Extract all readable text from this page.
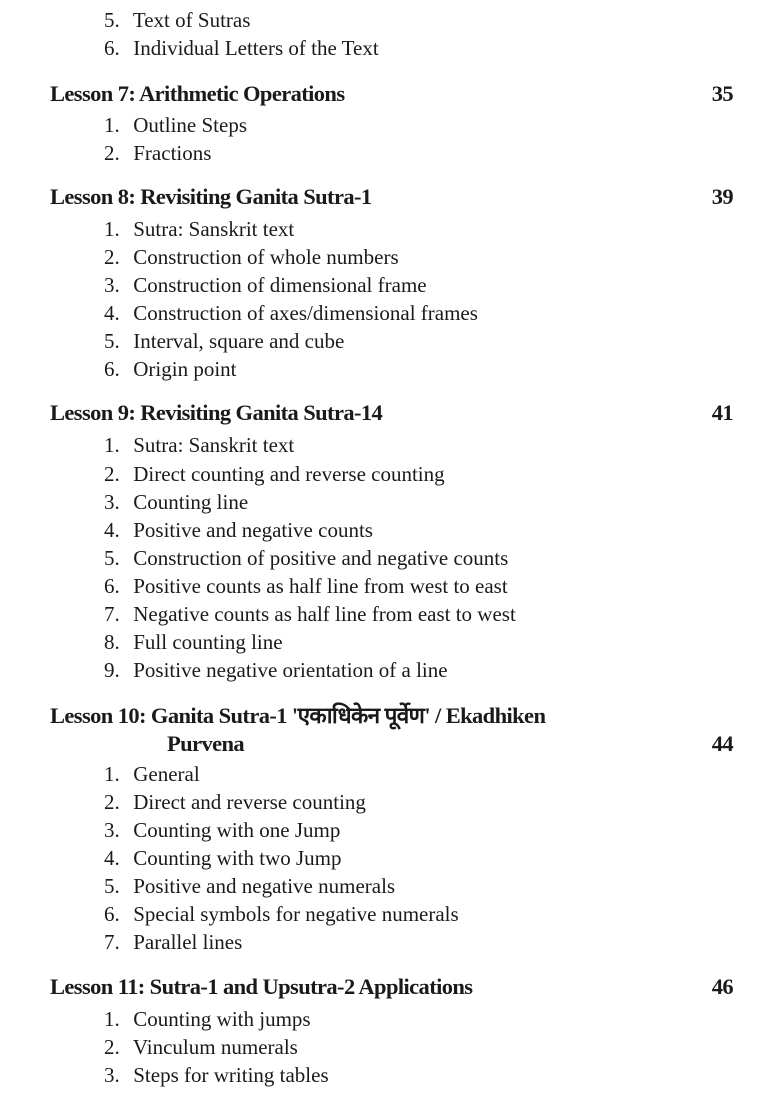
5. Text of Sutras
6. Individual Letters of the Text
Lesson 7: Arithmetic Operations	35
1. Outline Steps
2. Fractions
Lesson 8: Revisiting Ganita Sutra-1	39
1. Sutra: Sanskrit text
2. Construction of whole numbers
3. Construction of dimensional frame
4. Construction of axes/dimensional frames
5. Interval, square and cube
6. Origin point
Lesson 9: Revisiting Ganita Sutra-14	41
1. Sutra: Sanskrit text
2. Direct counting and reverse counting
3. Counting line
4. Positive and negative counts
5. Construction of positive and negative counts
6. Positive counts as half line from west to east
7. Negative counts as half line from east to west
8. Full counting line
9. Positive negative orientation of a line
Lesson 10: Ganita Sutra-1 'एकाधिकेन पूर्वेण' / Ekadhiken
Purvena	44
1. General
2. Direct and reverse counting
3. Counting with one Jump
4. Counting with two Jump
5. Positive and negative numerals
6. Special symbols for negative numerals
7. Parallel lines
Lesson 11: Sutra-1 and Upsutra-2 Applications	46
1. Counting with jumps
2. Vinculum numerals
3. Steps for writing tables
